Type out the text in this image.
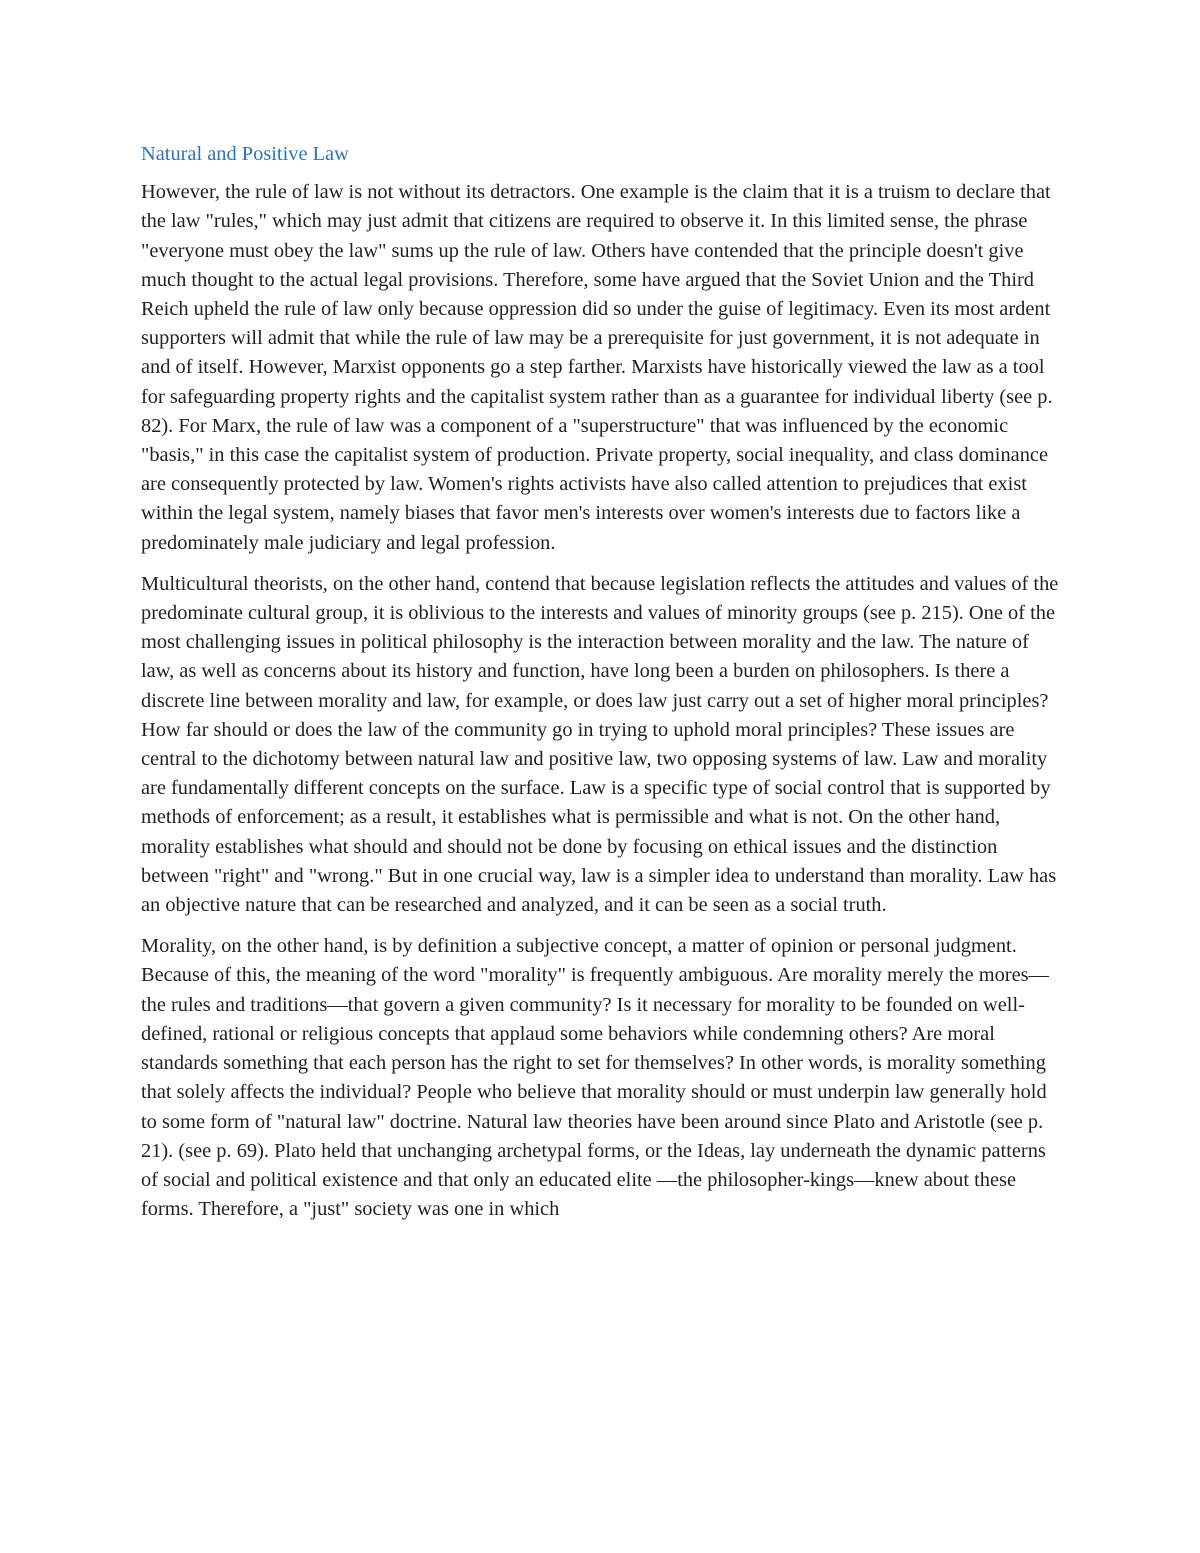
Natural and Positive Law

However, the rule of law is not without its detractors. One example is the claim that it is a truism to declare that the law "rules," which may just admit that citizens are required to observe it. In this limited sense, the phrase "everyone must obey the law" sums up the rule of law. Others have contended that the principle doesn't give much thought to the actual legal provisions. Therefore, some have argued that the Soviet Union and the Third Reich upheld the rule of law only because oppression did so under the guise of legitimacy. Even its most ardent supporters will admit that while the rule of law may be a prerequisite for just government, it is not adequate in and of itself. However, Marxist opponents go a step farther. Marxists have historically viewed the law as a tool for safeguarding property rights and the capitalist system rather than as a guarantee for individual liberty (see p. 82). For Marx, the rule of law was a component of a "superstructure" that was influenced by the economic "basis," in this case the capitalist system of production. Private property, social inequality, and class dominance are consequently protected by law. Women's rights activists have also called attention to prejudices that exist within the legal system, namely biases that favor men's interests over women's interests due to factors like a predominately male judiciary and legal profession.

Multicultural theorists, on the other hand, contend that because legislation reflects the attitudes and values of the predominate cultural group, it is oblivious to the interests and values of minority groups (see p. 215). One of the most challenging issues in political philosophy is the interaction between morality and the law. The nature of law, as well as concerns about its history and function, have long been a burden on philosophers. Is there a discrete line between morality and law, for example, or does law just carry out a set of higher moral principles? How far should or does the law of the community go in trying to uphold moral principles? These issues are central to the dichotomy between natural law and positive law, two opposing systems of law. Law and morality are fundamentally different concepts on the surface. Law is a specific type of social control that is supported by methods of enforcement; as a result, it establishes what is permissible and what is not. On the other hand, morality establishes what should and should not be done by focusing on ethical issues and the distinction between "right" and "wrong." But in one crucial way, law is a simpler idea to understand than morality. Law has an objective nature that can be researched and analyzed, and it can be seen as a social truth.

Morality, on the other hand, is by definition a subjective concept, a matter of opinion or personal judgment. Because of this, the meaning of the word "morality" is frequently ambiguous. Are morality merely the mores—the rules and traditions—that govern a given community? Is it necessary for morality to be founded on well-defined, rational or religious concepts that applaud some behaviors while condemning others? Are moral standards something that each person has the right to set for themselves? In other words, is morality something that solely affects the individual? People who believe that morality should or must underpin law generally hold to some form of "natural law" doctrine. Natural law theories have been around since Plato and Aristotle (see p. 21). (see p. 69). Plato held that unchanging archetypal forms, or the Ideas, lay underneath the dynamic patterns of social and political existence and that only an educated elite —the philosopher-kings—knew about these forms. Therefore, a "just" society was one in which
